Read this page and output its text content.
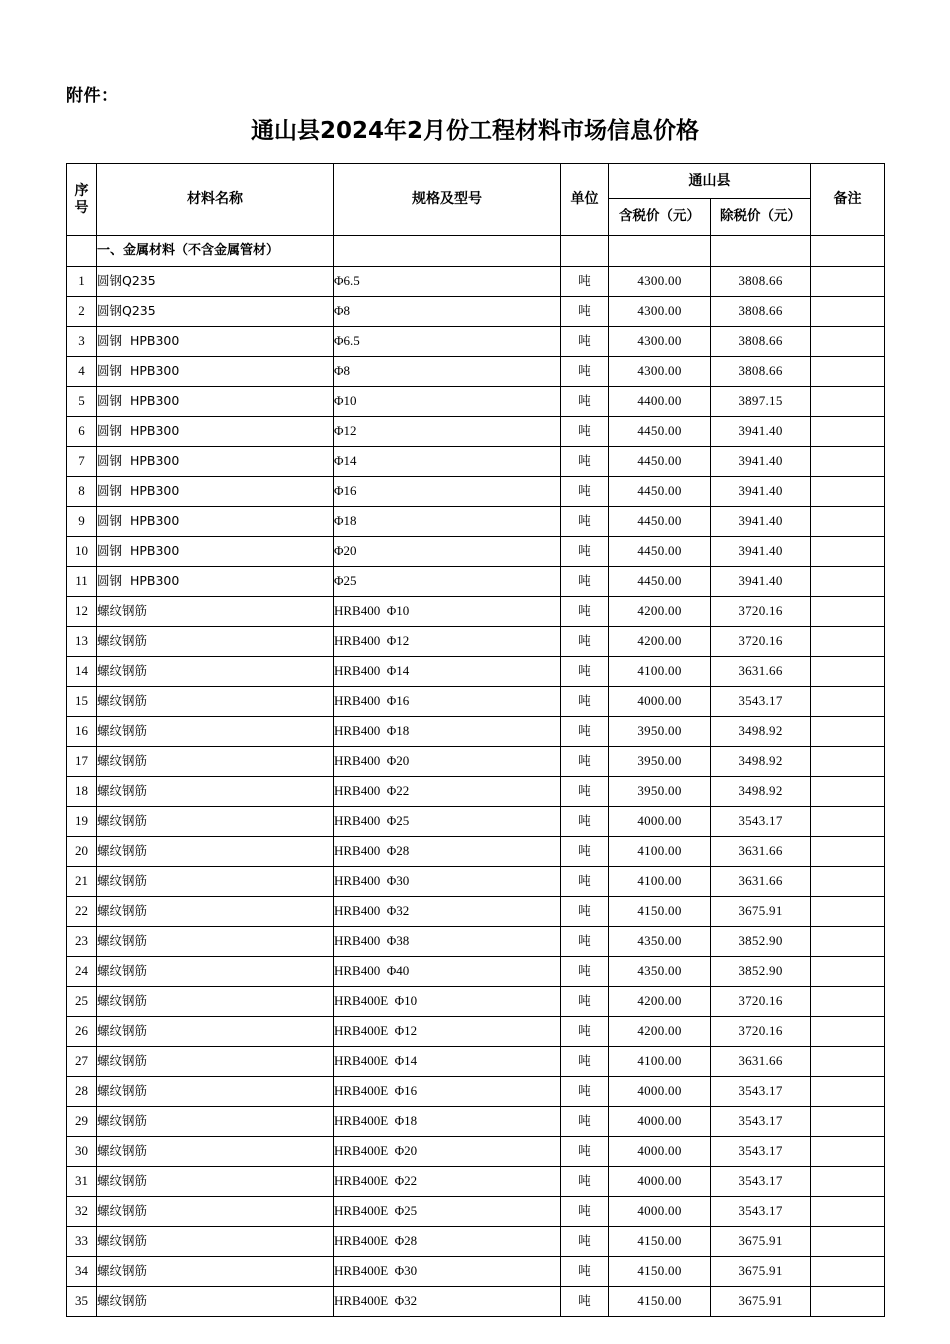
附件：
通山县2024年2月份工程材料市场信息价格
序
号	材料名称	规格及型号	单位	通山县		备注
				含税价（元）	除税价（元）	
	一、金属材料（不含金属管材）					
1	圆钢Q235	Φ6.5	吨	4300.00	3808.66	
2	圆钢Q235	Φ8	吨	4300.00	3808.66	
3	圆钢  HPB300	Φ6.5	吨	4300.00	3808.66	
4	圆钢  HPB300	Φ8	吨	4300.00	3808.66	
5	圆钢  HPB300	Φ10	吨	4400.00	3897.15	
6	圆钢  HPB300	Φ12	吨	4450.00	3941.40	
7	圆钢  HPB300	Φ14	吨	4450.00	3941.40	
8	圆钢  HPB300	Φ16	吨	4450.00	3941.40	
9	圆钢  HPB300	Φ18	吨	4450.00	3941.40	
10	圆钢  HPB300	Φ20	吨	4450.00	3941.40	
11	圆钢  HPB300	Φ25	吨	4450.00	3941.40	
12	螺纹钢筋	HRB400  Φ10	吨	4200.00	3720.16	
13	螺纹钢筋	HRB400  Φ12	吨	4200.00	3720.16	
14	螺纹钢筋	HRB400  Φ14	吨	4100.00	3631.66	
15	螺纹钢筋	HRB400  Φ16	吨	4000.00	3543.17	
16	螺纹钢筋	HRB400  Φ18	吨	3950.00	3498.92	
17	螺纹钢筋	HRB400  Φ20	吨	3950.00	3498.92	
18	螺纹钢筋	HRB400  Φ22	吨	3950.00	3498.92	
19	螺纹钢筋	HRB400  Φ25	吨	4000.00	3543.17	
20	螺纹钢筋	HRB400  Φ28	吨	4100.00	3631.66	
21	螺纹钢筋	HRB400  Φ30	吨	4100.00	3631.66	
22	螺纹钢筋	HRB400  Φ32	吨	4150.00	3675.91	
23	螺纹钢筋	HRB400  Φ38	吨	4350.00	3852.90	
24	螺纹钢筋	HRB400  Φ40	吨	4350.00	3852.90	
25	螺纹钢筋	HRB400E  Φ10	吨	4200.00	3720.16	
26	螺纹钢筋	HRB400E  Φ12	吨	4200.00	3720.16	
27	螺纹钢筋	HRB400E  Φ14	吨	4100.00	3631.66	
28	螺纹钢筋	HRB400E  Φ16	吨	4000.00	3543.17	
29	螺纹钢筋	HRB400E  Φ18	吨	4000.00	3543.17	
30	螺纹钢筋	HRB400E  Φ20	吨	4000.00	3543.17	
31	螺纹钢筋	HRB400E  Φ22	吨	4000.00	3543.17	
32	螺纹钢筋	HRB400E  Φ25	吨	4000.00	3543.17	
33	螺纹钢筋	HRB400E  Φ28	吨	4150.00	3675.91	
34	螺纹钢筋	HRB400E  Φ30	吨	4150.00	3675.91	
35	螺纹钢筋	HRB400E  Φ32	吨	4150.00	3675.91	
